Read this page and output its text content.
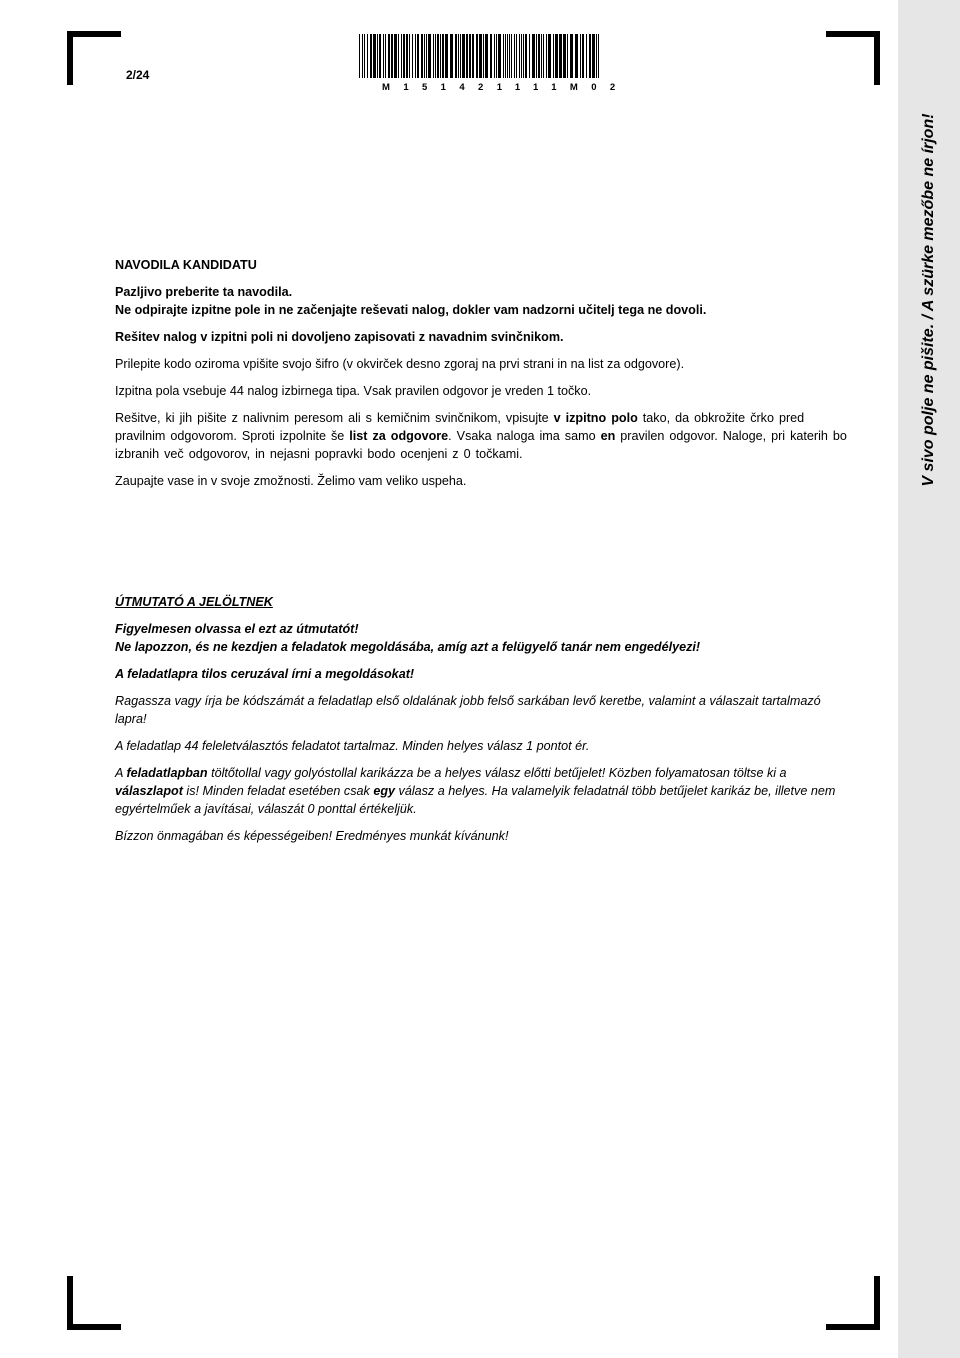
2/24
M151421111M02
V sivo polje ne pišite. / A szürke mezőbe ne írjon!

NAVODILA KANDIDATU

Pazljivo preberite ta navodila.

Ne odpirajte izpitne pole in ne začenjajte reševati nalog, dokler vam nadzorni učitelj tega ne dovoli.

Rešitev nalog v izpitni poli ni dovoljeno zapisovati z navadnim svinčnikom.

Prilepite kodo oziroma vpišite svojo šifro (v okvirček desno zgoraj na prvi strani in na list za odgovore).

Izpitna pola vsebuje 44 nalog izbirnega tipa. Vsak pravilen odgovor je vreden 1 točko.

Rešitve, ki jih pišite z nalivnim peresom ali s kemičnim svinčnikom, vpisujte v izpitno polo tako, da obkrožite črko pred pravilnim odgovorom. Sproti izpolnite še list za odgovore. Vsaka naloga ima samo en pravilen odgovor. Naloge, pri katerih bo izbranih več odgovorov, in nejasni popravki bodo ocenjeni z 0 točkami.

Zaupajte vase in v svoje zmožnosti. Želimo vam veliko uspeha.

ÚTMUTATÓ A JELÖLTNEK

Figyelmesen olvassa el ezt az útmutatót!

Ne lapozzon, és ne kezdjen a feladatok megoldásába, amíg azt a felügyelő tanár nem engedélyezi!

A feladatlapra tilos ceruzával írni a megoldásokat!

Ragassza vagy írja be kódszámát a feladatlap első oldalának jobb felső sarkában levő keretbe, valamint a válaszait tartalmazó lapra!

A feladatlap 44 feleletválasztós feladatot tartalmaz. Minden helyes válasz 1 pontot ér.

A feladatlapban töltőtollal vagy golyóstollal karikázza be a helyes válasz előtti betűjelet! Közben folyamatosan töltse ki a válaszlapot is! Minden feladat esetében csak egy válasz a helyes. Ha valamelyik feladatnál több betűjelet karikáz be, illetve nem egyértelműek a javításai, válaszát 0 ponttal értékeljük.

Bízzon önmagában és képességeiben! Eredményes munkát kívánunk!
